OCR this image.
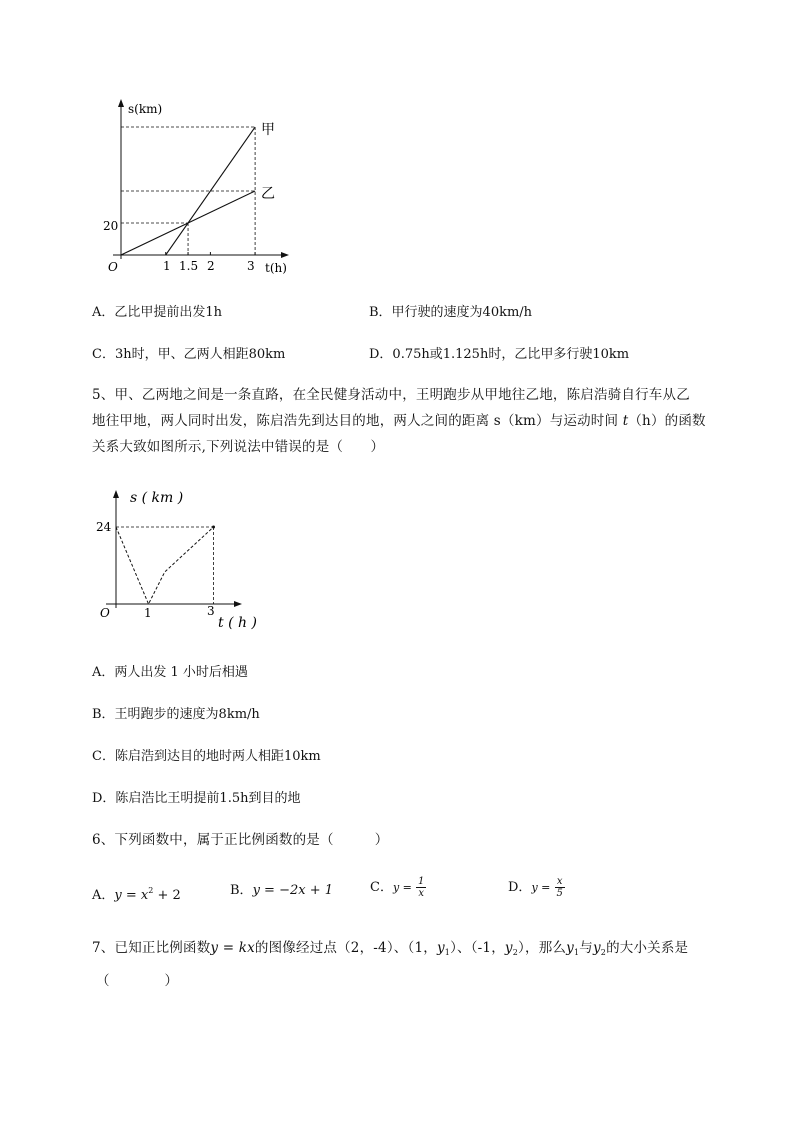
s(km)
t(h)
O
20
1 1.5 2	3
甲
乙
A．乙比甲提前出发1h	B．甲行驶的速度为40km/h
C．3h时，甲、乙两人相距80km	D．0.75h或1.125h时，乙比甲多行驶10km
5、甲、乙两地之间是一条直路，在全民健身活动中，王明跑步从甲地往乙地，陈启浩骑自行车从乙
地往甲地，两人同时出发，陈启浩先到达目的地，两人之间的距离 s（km）与运动时间 t（h）的函数
关系大致如图所示,下列说法中错误的是（　　）
s ( km )
t ( h )
O
24
1	3
A．两人出发 1 小时后相遇
B．王明跑步的速度为8km/h
C．陈启浩到达目的地时两人相距10km
D．陈启浩比王明提前1.5h到目的地
6、下列函数中，属于正比例函数的是（　　　）
A．$y = x^2 + 2$	B．y = −2x + 1	C．$y = \frac{1}{x}$	D．$y = \frac{x}{5}$
7、已知正比例函数y = kx的图像经过点（2，-4）、（1，$y_1$）、（-1，$y_2$），那么$y_1$与$y_2$的大小关系是
（　　　　）
